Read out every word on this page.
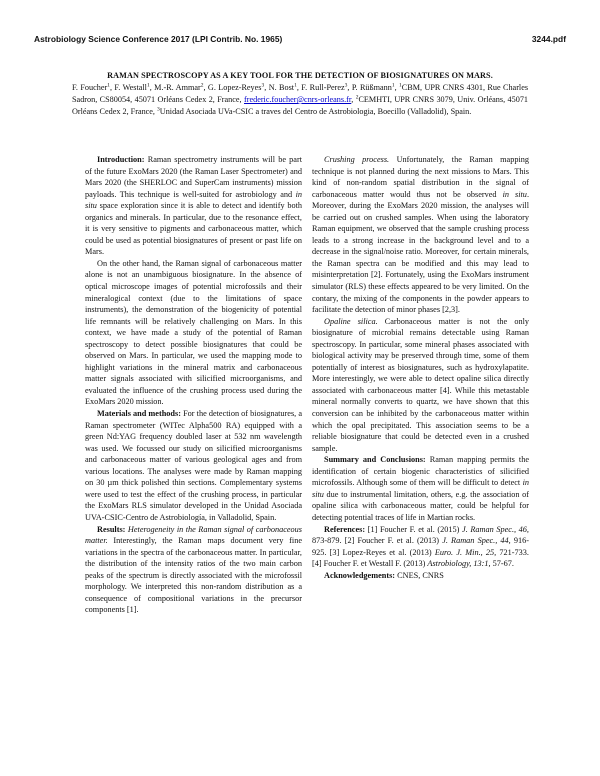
Astrobiology Science Conference 2017 (LPI Contrib. No. 1965)	3244.pdf
RAMAN SPECTROSCOPY AS A KEY TOOL FOR THE DETECTION OF BIOSIGNATURES ON MARS.
F. Foucher$^1$, F. Westall$^1$, M.-R. Ammar$^2$, G. Lopez-Reyes$^3$, N. Bost$^1$, F. Rull-Perez$^3$, P. Rüßmann$^1$, $^1$CBM, UPR CNRS 4301, Rue Charles Sadron, CS80054, 45071 Orléans Cedex 2, France, frederic.foucher@cnrs-orleans.fr, $^2$CEMHTI, UPR CNRS 3079, Univ. Orléans, 45071 Orléans Cedex 2, France, $^3$Unidad Asociada UVa-CSIC a traves del Centro de Astrobiologia, Boecillo (Valladolid), Spain.

Introduction: Raman spectrometry instruments will be part of the future ExoMars 2020 (the Raman Laser Spectrometer) and Mars 2020 (the SHERLOC and SuperCam instruments) mission payloads. This technique is well-suited for astrobiology and in situ space exploration since it is able to detect and identify both organics and minerals. In particular, due to the resonance effect, it is very sensitive to pigments and carbonaceous matter, which could be used as potential biosignatures of present or past life on Mars.

On the other hand, the Raman signal of carbonaceous matter alone is not an unambiguous biosignature. In the absence of optical microscope images of potential microfossils and their mineralogical context (due to the limitations of space instruments), the demonstration of the biogenicity of potential life remnants will be relatively challenging on Mars. In this context, we have made a study of the potential of Raman spectroscopy to detect possible biosignatures that could be observed on Mars. In particular, we used the mapping mode to highlight variations in the mineral matrix and carbonaceous matter signals associated with silicified microorganisms, and evaluated the influence of the crushing process used during the ExoMars 2020 mission.

Materials and methods: For the detection of biosignatures, a Raman spectrometer (WITec Alpha500 RA) equipped with a green Nd:YAG frequency doubled laser at 532 nm wavelength was used. We focussed our study on silicified microorganisms and carbonaceous matter of various geological ages and from various locations. The analyses were made by Raman mapping on 30 µm thick polished thin sections. Complementary systems were used to test the effect of the crushing process, in particular the ExoMars RLS simulator developed in the Unidad Asociada UVA-CSIC-Centro de Astrobiología, in Valladolid, Spain.

Results: Heterogeneity in the Raman signal of carbonaceous matter. Interestingly, the Raman maps document very fine variations in the spectra of the carbonaceous matter. In particular, the distribution of the intensity ratios of the two main carbon peaks of the spectrum is directly associated with the microfossil morphology. We interpreted this non-random distribution as a consequence of compositional variations in the precursor components [1].

Crushing process. Unfortunately, the Raman mapping technique is not planned during the next missions to Mars. This kind of non-random spatial distribution in the signal of carbonaceous matter would thus not be observed in situ. Moreover, during the ExoMars 2020 mission, the analyses will be carried out on crushed samples. When using the laboratory Raman equipment, we observed that the sample crushing process leads to a strong increase in the background level and to a decrease in the signal/noise ratio. Moreover, for certain minerals, the Raman spectra can be modified and this may lead to misinterpretation [2]. Fortunately, using the ExoMars instrument simulator (RLS) these effects appeared to be very limited. On the contary, the mixing of the components in the powder appears to facilitate the detection of minor phases [2,3].

Opaline silica. Carbonaceous matter is not the only biosignature of microbial remains detectable using Raman spectroscopy. In particular, some mineral phases associated with biological activity may be preserved through time, some of them potentially of interest as biosignatures, such as hydroxylapatite. More interestingly, we were able to detect opaline silica directly associated with carbonaceous matter [4]. While this metastable mineral normally converts to quartz, we have shown that this conversion can be inhibited by the carbonaceous matter within which the opal precipitated. This association seems to be a reliable biosignature that could be detected even in a crushed sample.

Summary and Conclusions: Raman mapping permits the identification of certain biogenic characteristics of silicified microfossils. Although some of them will be difficult to detect in situ due to instrumental limitation, others, e.g. the association of opaline silica with carbonaceous matter, could be helpful for detecting potential traces of life in Martian rocks.

References: [1] Foucher F. et al. (2015) J. Raman Spec., 46, 873-879. [2] Foucher F. et al. (2013) J. Raman Spec., 44, 916-925. [3] Lopez-Reyes et al. (2013) Euro. J. Min., 25, 721-733. [4] Foucher F. et Westall F. (2013) Astrobiology, 13:1, 57-67.

Acknowledgements: CNES, CNRS
